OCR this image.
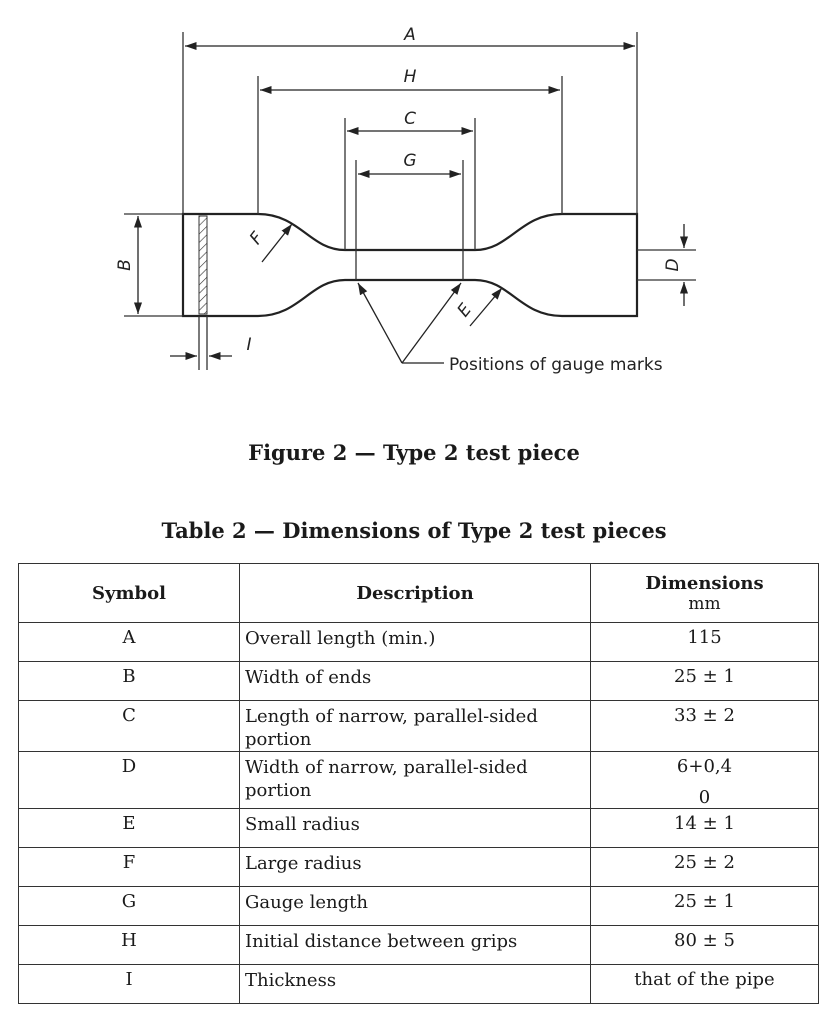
A
H
C
G
B	D
F
E
I
Positions of gauge marks
Figure 2 — Type 2 test piece
Table 2 — Dimensions of Type 2 test pieces
Symbol	Description	Dimensions
mm

A	Overall length (min.)	115
B	Width of ends	25 ± 1
C	Length of narrow, parallel-sided portion	33 ± 2
D	Width of narrow, parallel-sided portion	6+0,4
0

E	Small radius	14 ± 1
F	Large radius	25 ± 2
G	Gauge length	25 ± 1
H	Initial distance between grips	80 ± 5
I	Thickness	that of the pipe
